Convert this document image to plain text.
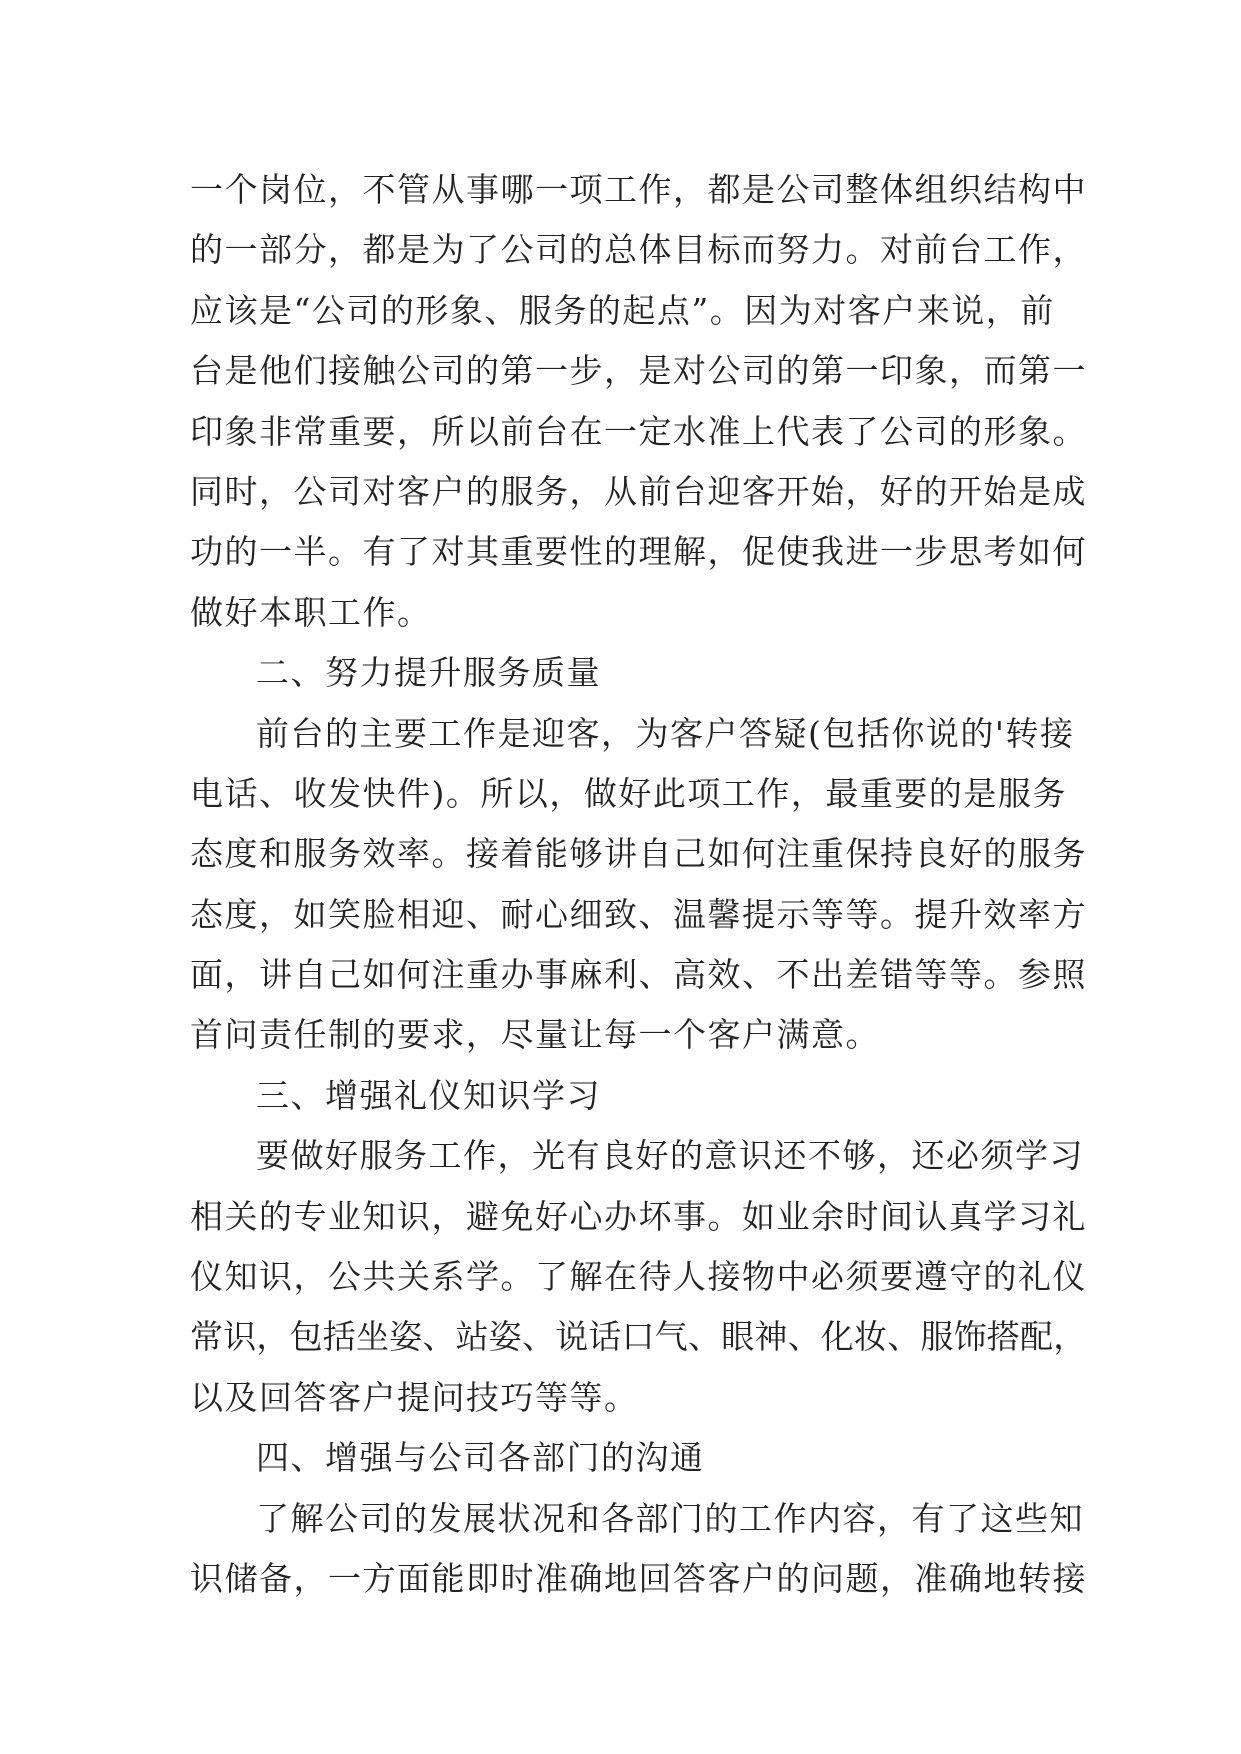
一个岗位，不管从事哪一项工作，都是公司整体组织结构中
的一部分，都是为了公司的总体目标而努力。对前台工作，
应该是“公司的形象、服务的起点”。因为对客户来说，前
台是他们接触公司的第一步，是对公司的第一印象，而第一
印象非常重要，所以前台在一定水准上代表了公司的形象。
同时，公司对客户的服务，从前台迎客开始，好的开始是成
功的一半。有了对其重要性的理解，促使我进一步思考如何
做好本职工作。
二、努力提升服务质量
前台的主要工作是迎客，为客户答疑(包括你说的'转接
电话、收发快件)。所以，做好此项工作，最重要的是服务
态度和服务效率。接着能够讲自己如何注重保持良好的服务
态度，如笑脸相迎、耐心细致、温馨提示等等。提升效率方
面，讲自己如何注重办事麻利、高效、不出差错等等。参照
首问责任制的要求，尽量让每一个客户满意。
三、增强礼仪知识学习
要做好服务工作，光有良好的意识还不够，还必须学习
相关的专业知识，避免好心办坏事。如业余时间认真学习礼
仪知识，公共关系学。了解在待人接物中必须要遵守的礼仪
常识，包括坐姿、站姿、说话口气、眼神、化妆、服饰搭配，
以及回答客户提问技巧等等。
四、增强与公司各部门的沟通
了解公司的发展状况和各部门的工作内容，有了这些知
识储备，一方面能即时准确地回答客户的问题，准确地转接
